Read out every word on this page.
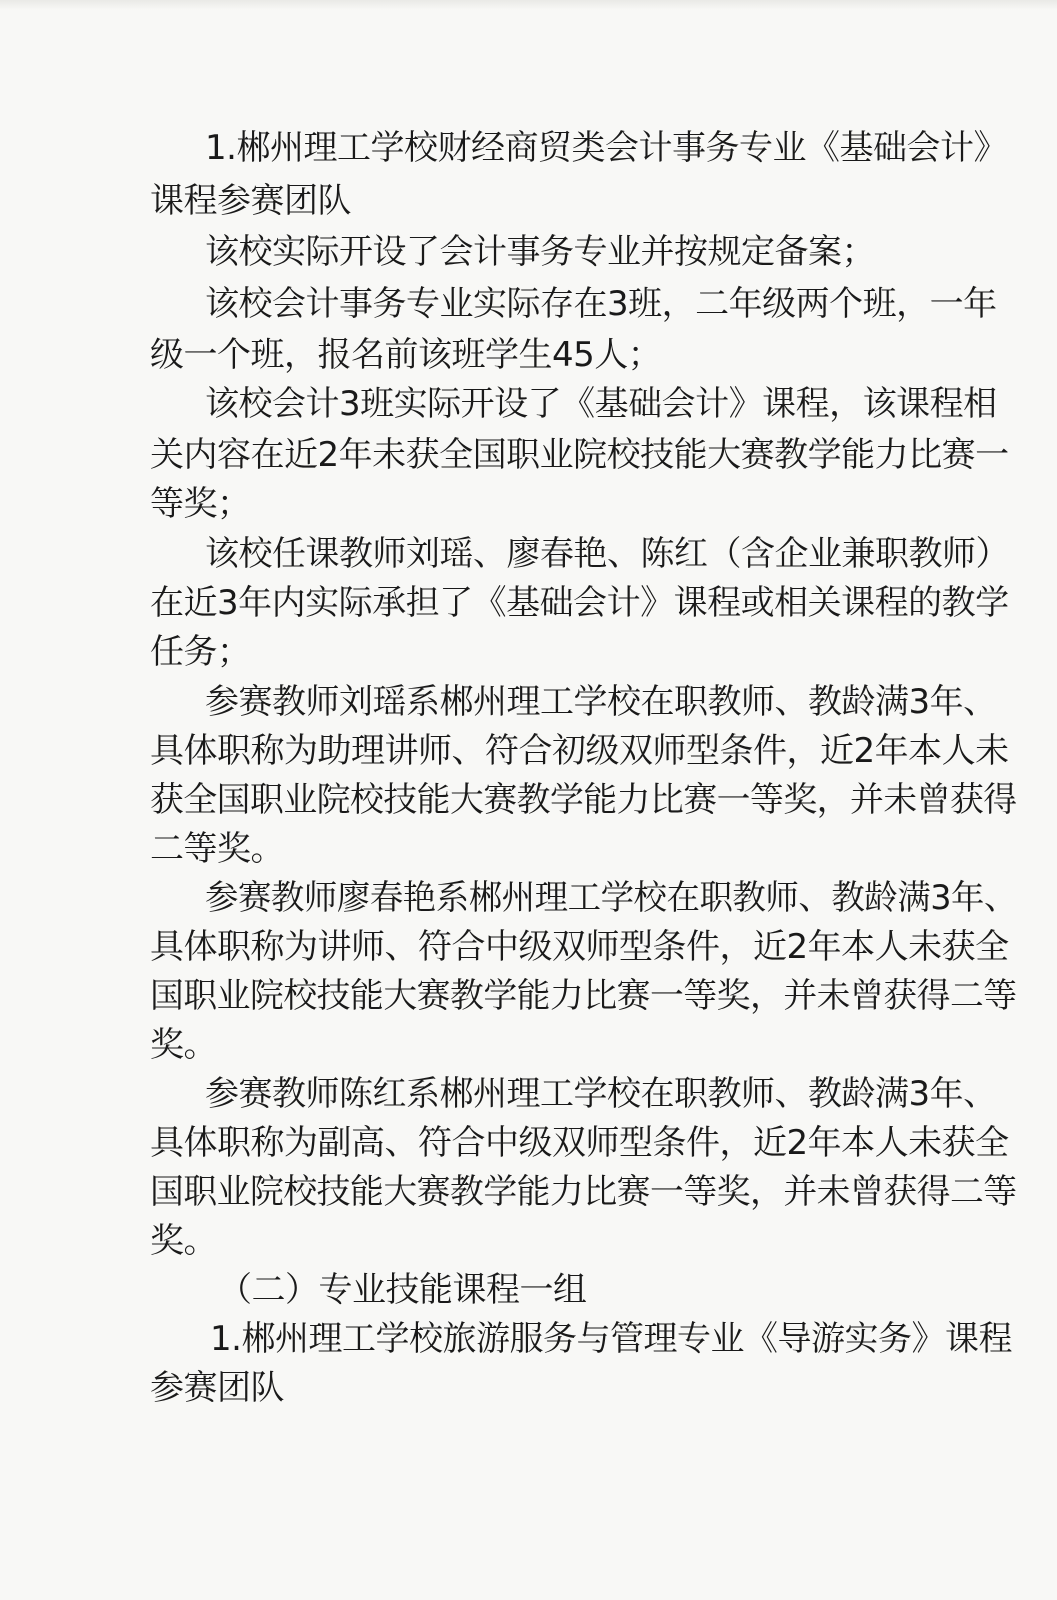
1.郴州理工学校财经商贸类会计事务专业《基础会计》
课程参赛团队
该校实际开设了会计事务专业并按规定备案；
该校会计事务专业实际存在3班，二年级两个班，一年
级一个班，报名前该班学生45人；
该校会计3班实际开设了《基础会计》课程，该课程相
关内容在近2年未获全国职业院校技能大赛教学能力比赛一
等奖；
该校任课教师刘瑶、廖春艳、陈红（含企业兼职教师）
在近3年内实际承担了《基础会计》课程或相关课程的教学
任务；
参赛教师刘瑶系郴州理工学校在职教师、教龄满3年、
具体职称为助理讲师、符合初级双师型条件，近2年本人未
获全国职业院校技能大赛教学能力比赛一等奖，并未曾获得
二等奖。
参赛教师廖春艳系郴州理工学校在职教师、教龄满3年、
具体职称为讲师、符合中级双师型条件，近2年本人未获全
国职业院校技能大赛教学能力比赛一等奖，并未曾获得二等
奖。
参赛教师陈红系郴州理工学校在职教师、教龄满3年、
具体职称为副高、符合中级双师型条件，近2年本人未获全
国职业院校技能大赛教学能力比赛一等奖，并未曾获得二等
奖。
（二）专业技能课程一组
1.郴州理工学校旅游服务与管理专业《导游实务》课程
参赛团队
